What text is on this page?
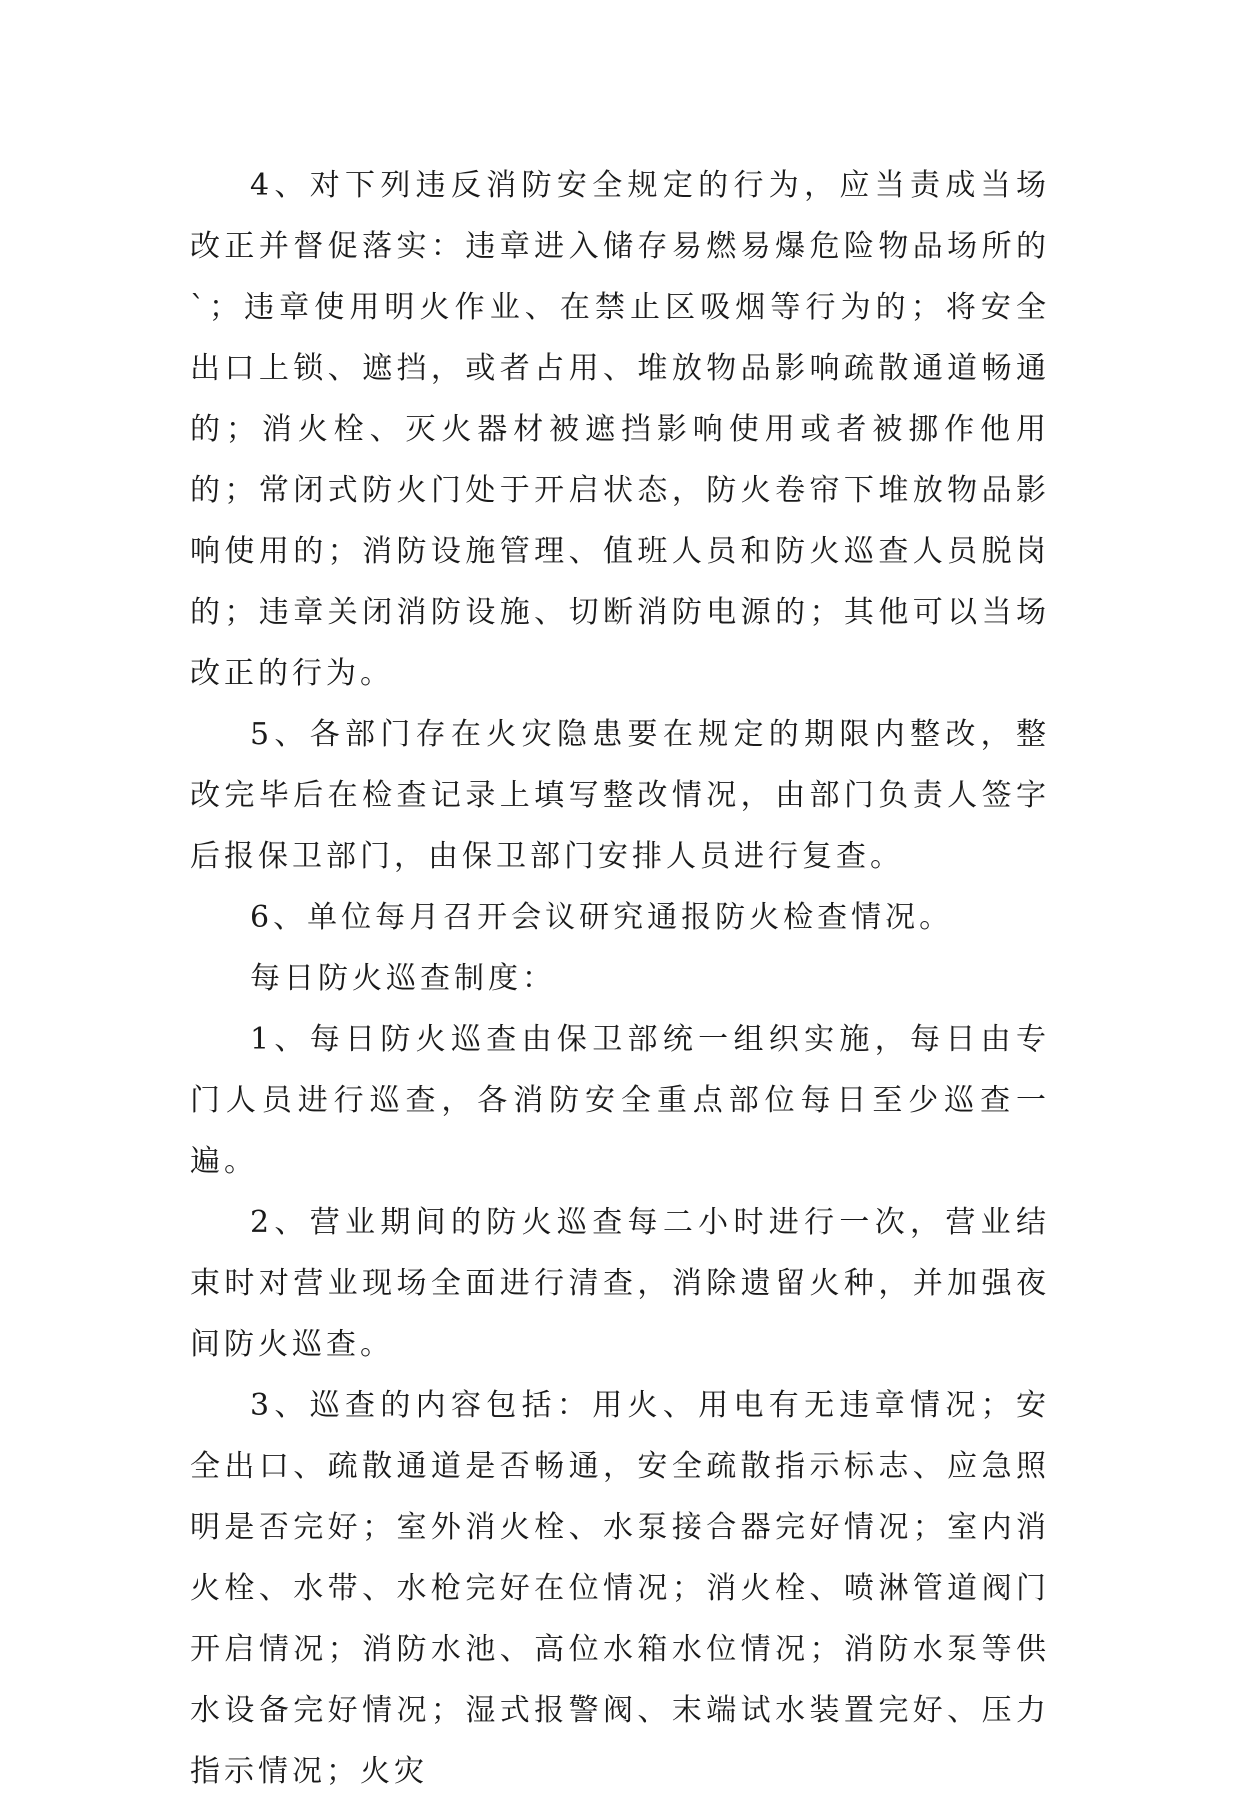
4、对下列违反消防安全规定的行为，应当责成当场改正并督促落实：违章进入储存易燃易爆危险物品场所的`；违章使用明火作业、在禁止区吸烟等行为的；将安全出口上锁、遮挡，或者占用、堆放物品影响疏散通道畅通的；消火栓、灭火器材被遮挡影响使用或者被挪作他用的；常闭式防火门处于开启状态，防火卷帘下堆放物品影响使用的；消防设施管理、值班人员和防火巡查人员脱岗的；违章关闭消防设施、切断消防电源的；其他可以当场改正的行为。

5、各部门存在火灾隐患要在规定的期限内整改，整改完毕后在检查记录上填写整改情况，由部门负责人签字后报保卫部门，由保卫部门安排人员进行复查。

6、单位每月召开会议研究通报防火检查情况。

每日防火巡查制度：

1、每日防火巡查由保卫部统一组织实施，每日由专门人员进行巡查，各消防安全重点部位每日至少巡查一遍。

2、营业期间的防火巡查每二小时进行一次，营业结束时对营业现场全面进行清查，消除遗留火种，并加强夜间防火巡查。

3、巡查的内容包括：用火、用电有无违章情况；安全出口、疏散通道是否畅通，安全疏散指示标志、应急照明是否完好；室外消火栓、水泵接合器完好情况；室内消火栓、水带、水枪完好在位情况；消火栓、喷淋管道阀门开启情况；消防水池、高位水箱水位情况；消防水泵等供水设备完好情况；湿式报警阀、末端试水装置完好、压力指示情况；火灾
